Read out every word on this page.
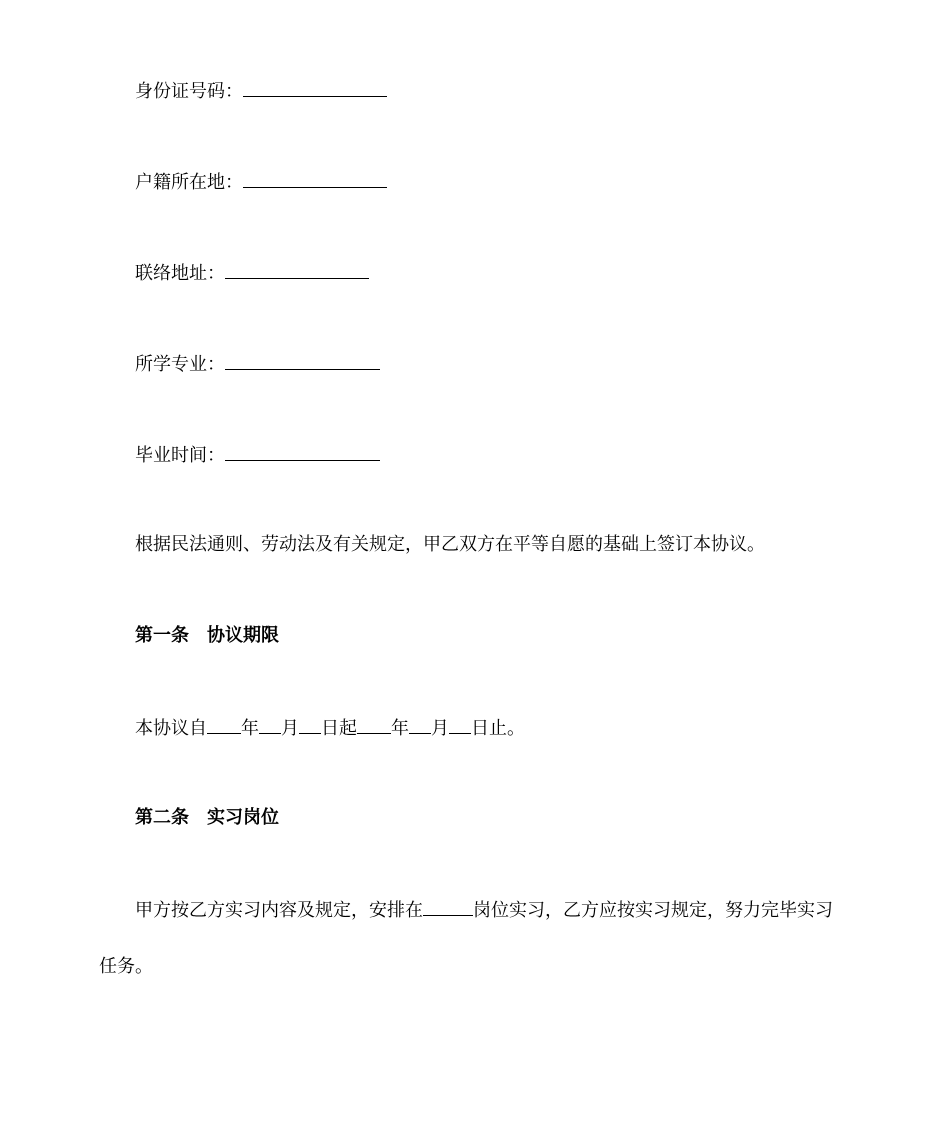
身份证号码：

户籍所在地：

联络地址：

所学专业：

毕业时间：

根据民法通则、劳动法及有关规定，甲乙双方在平等自愿的基础上签订本协议。

第一条　协议期限

本协议自 年 月 日起 年 月 日止。

第二条　实习岗位

甲方按乙方实习内容及规定，安排在	岗位实习，乙方应按实习规定，努力完毕实习

任务。
